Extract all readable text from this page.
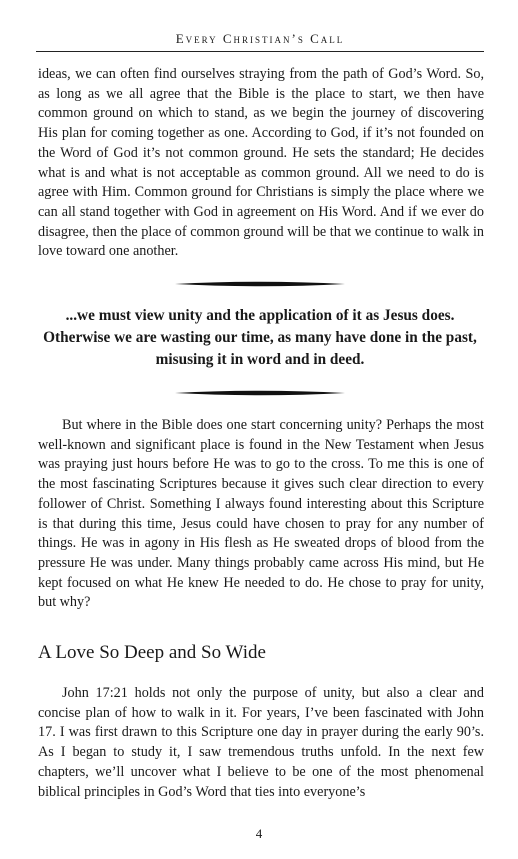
Every Christian’s Call

ideas, we can often find ourselves straying from the path of God’s Word. So, as long as we all agree that the Bible is the place to start, we then have common ground on which to stand, as we begin the journey of discovering His plan for coming together as one. According to God, if it’s not founded on the Word of God it’s not common ground. He sets the standard; He decides what is and what is not acceptable as common ground. All we need to do is agree with Him. Common ground for Christians is simply the place where we can all stand together with God in agreement on His Word. And if we ever do disagree, then the place of common ground will be that we continue to walk in love toward one another.

...we must view unity and the application of it as Jesus does. Otherwise we are wasting our time, as many have done in the past, misusing it in word and in deed.

But where in the Bible does one start concerning unity? Perhaps the most well-known and significant place is found in the New Testament when Jesus was praying just hours before He was to go to the cross. To me this is one of the most fascinating Scriptures because it gives such clear direction to every follower of Christ. Something I always found interesting about this Scripture is that during this time, Jesus could have chosen to pray for any number of things. He was in agony in His flesh as He sweated drops of blood from the pressure He was under. Many things probably came across His mind, but He kept focused on what He knew He needed to do. He chose to pray for unity, but why?

A Love So Deep and So Wide

John 17:21 holds not only the purpose of unity, but also a clear and concise plan of how to walk in it. For years, I’ve been fascinated with John 17. I was first drawn to this Scripture one day in prayer during the early 90’s. As I began to study it, I saw tremendous truths unfold. In the next few chapters, we’ll uncover what I believe to be one of the most phenomenal biblical principles in God’s Word that ties into everyone’s

4
